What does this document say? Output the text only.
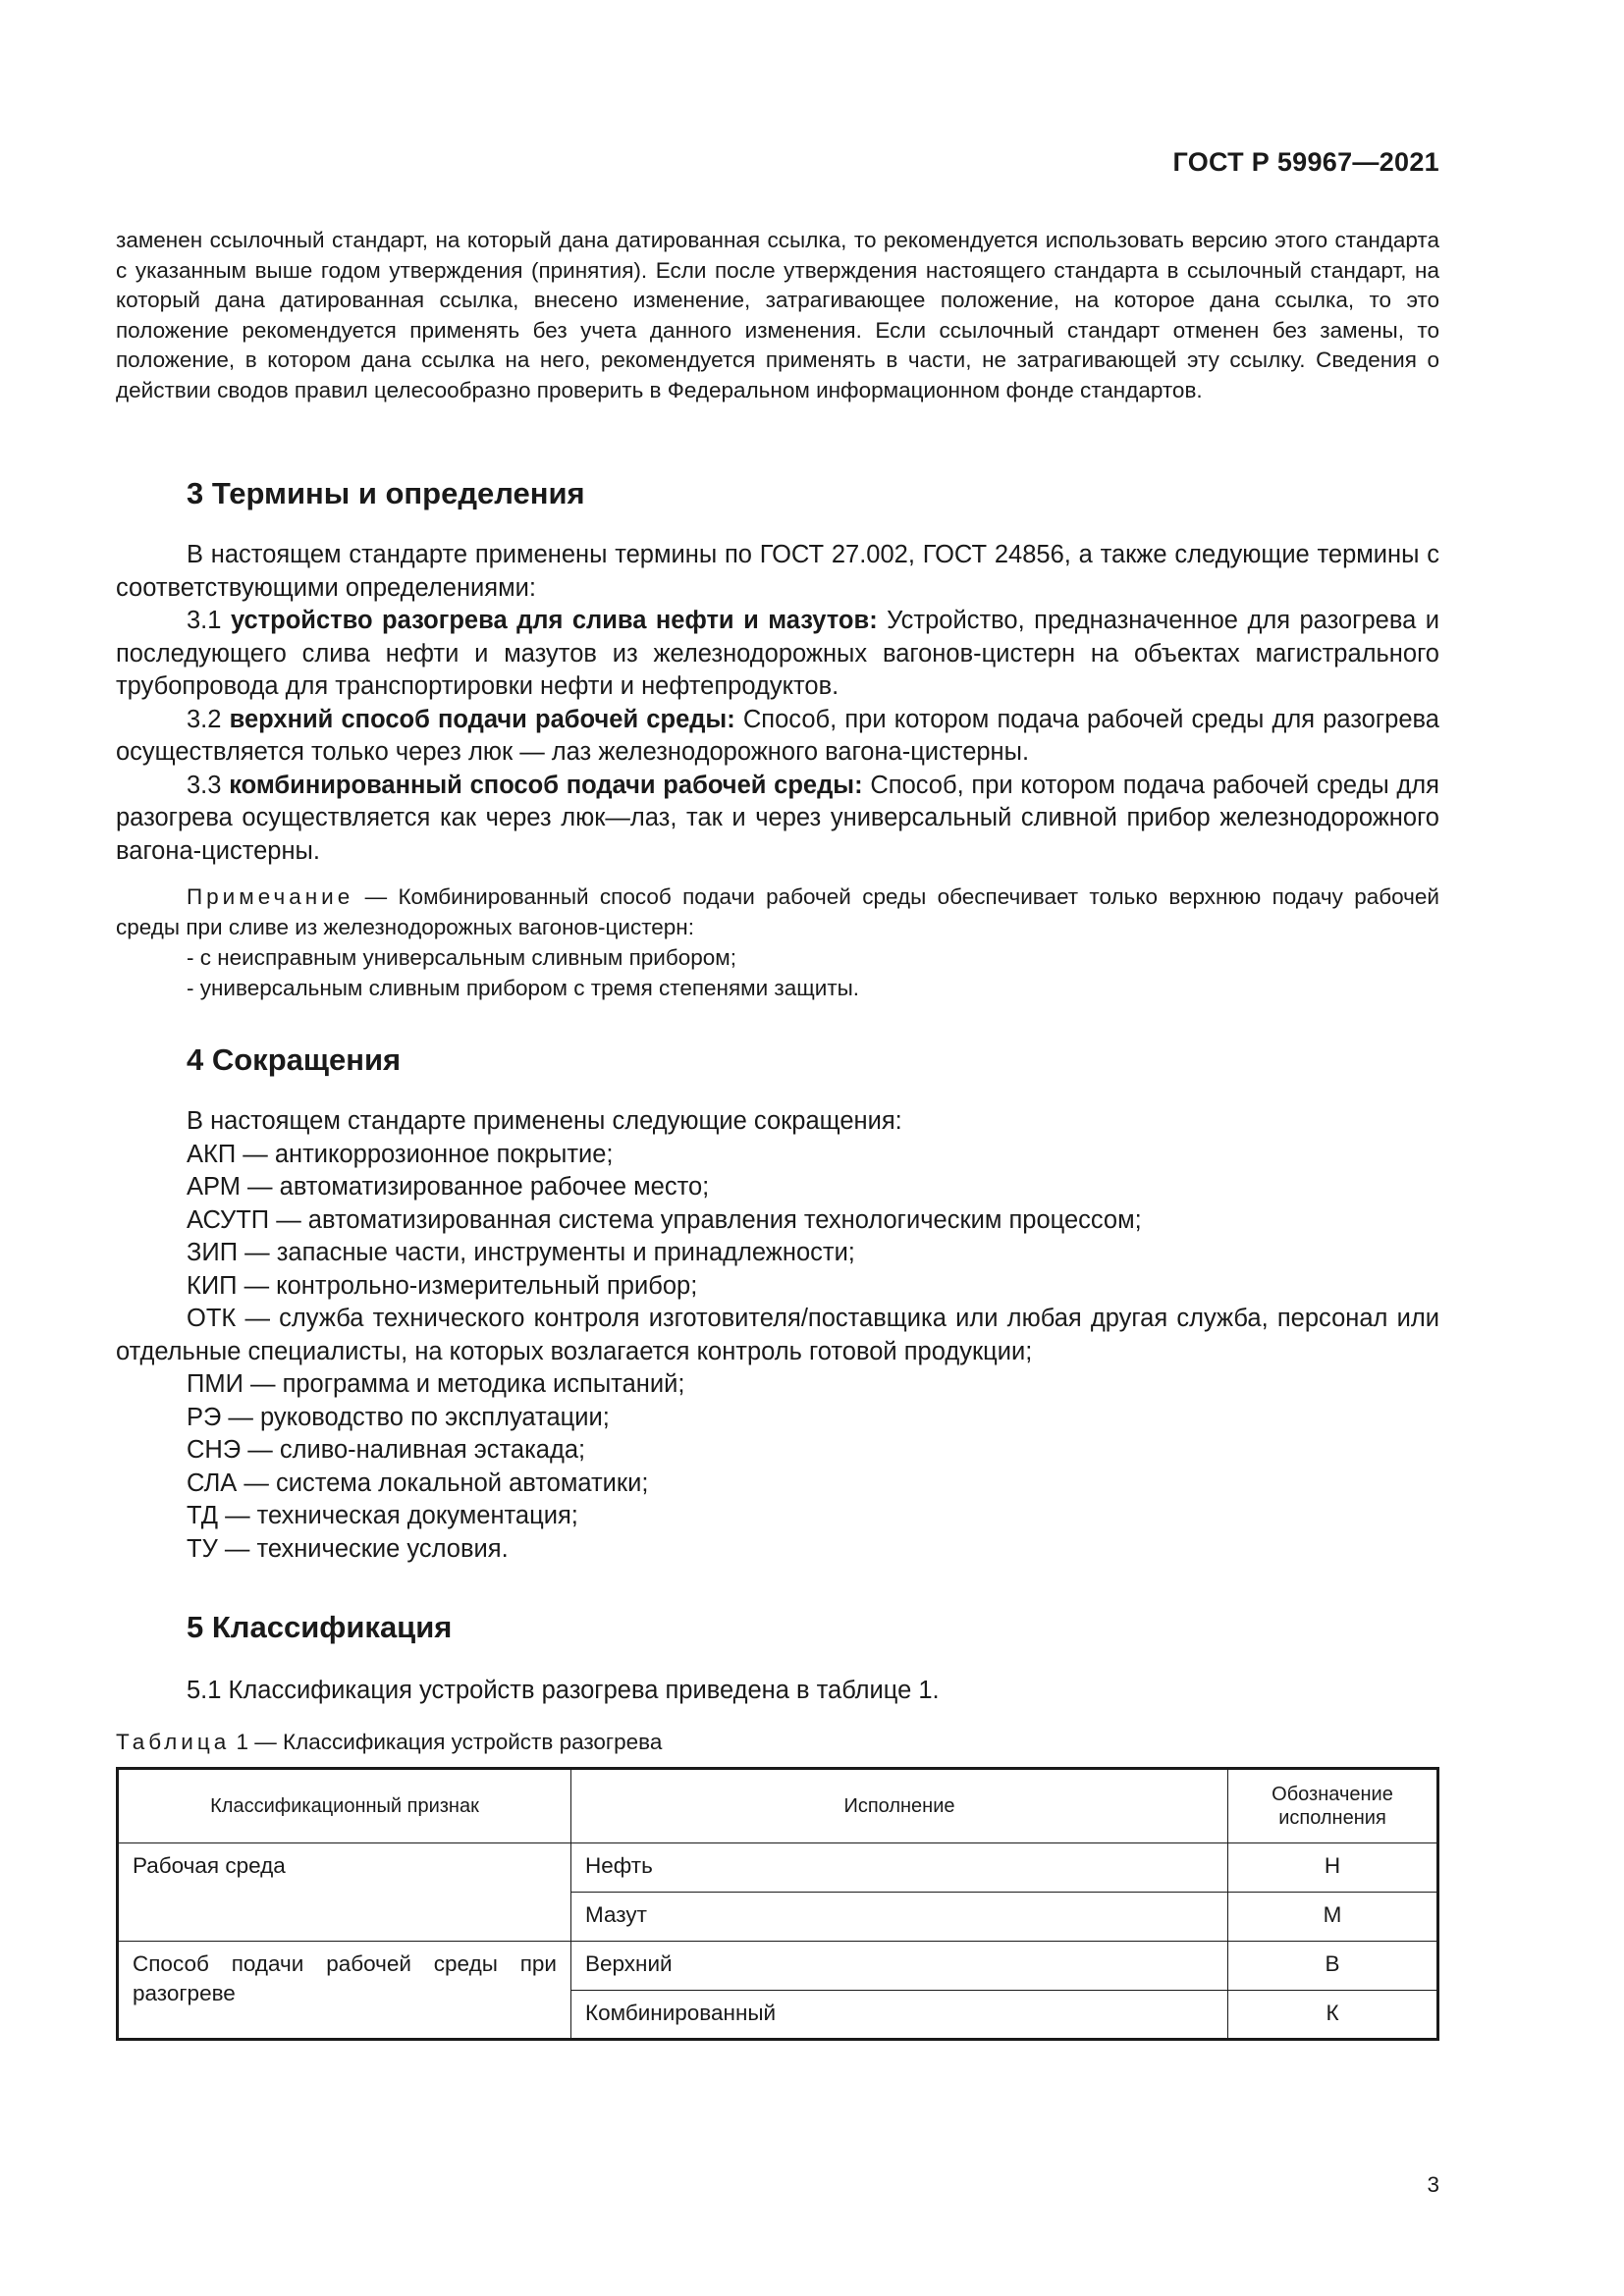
ГОСТ Р 59967—2021

заменен ссылочный стандарт, на который дана датированная ссылка, то рекомендуется использовать версию этого стандарта с указанным выше годом утверждения (принятия). Если после утверждения настоящего стандарта в ссылочный стандарт, на который дана датированная ссылка, внесено изменение, затрагивающее положение, на которое дана ссылка, то это положение рекомендуется применять без учета данного изменения. Если ссылочный стандарт отменен без замены, то положение, в котором дана ссылка на него, рекомендуется применять в части, не затрагивающей эту ссылку. Сведения о действии сводов правил целесообразно проверить в Федеральном информационном фонде стандартов.

3 Термины и определения

В настоящем стандарте применены термины по ГОСТ 27.002, ГОСТ 24856, а также следующие термины с соответствующими определениями:

3.1 устройство разогрева для слива нефти и мазутов: Устройство, предназначенное для разогрева и последующего слива нефти и мазутов из железнодорожных вагонов-цистерн на объектах магистрального трубопровода для транспортировки нефти и нефтепродуктов.

3.2 верхний способ подачи рабочей среды: Способ, при котором подача рабочей среды для разогрева осуществляется только через люк — лаз железнодорожного вагона-цистерны.

3.3 комбинированный способ подачи рабочей среды: Способ, при котором подача рабочей среды для разогрева осуществляется как через люк—лаз, так и через универсальный сливной прибор железнодорожного вагона-цистерны.

Примечание — Комбинированный способ подачи рабочей среды обеспечивает только верхнюю подачу рабочей среды при сливе из железнодорожных вагонов-цистерн:

- с неисправным универсальным сливным прибором;

- универсальным сливным прибором с тремя степенями защиты.

4 Сокращения

В настоящем стандарте применены следующие сокращения:

АКП — антикоррозионное покрытие;

АРМ — автоматизированное рабочее место;

АСУТП — автоматизированная система управления технологическим процессом;

ЗИП — запасные части, инструменты и принадлежности;

КИП — контрольно-измерительный прибор;

ОТК — служба технического контроля изготовителя/поставщика или любая другая служба, персонал или отдельные специалисты, на которых возлагается контроль готовой продукции;

ПМИ — программа и методика испытаний;

РЭ — руководство по эксплуатации;

СНЭ — сливо-наливная эстакада;

СЛА — система локальной автоматики;

ТД — техническая документация;

ТУ — технические условия.

5 Классификация

5.1 Классификация устройств разогрева приведена в таблице 1.

Таблица 1 — Классификация устройств разогрева
Классификационный признак	Исполнение	Обозначение исполнения
Рабочая среда	Нефть	Н
	Мазут	М
Способ подачи рабочей среды при разогреве	Верхний	В
	Комбинированный	К
3
